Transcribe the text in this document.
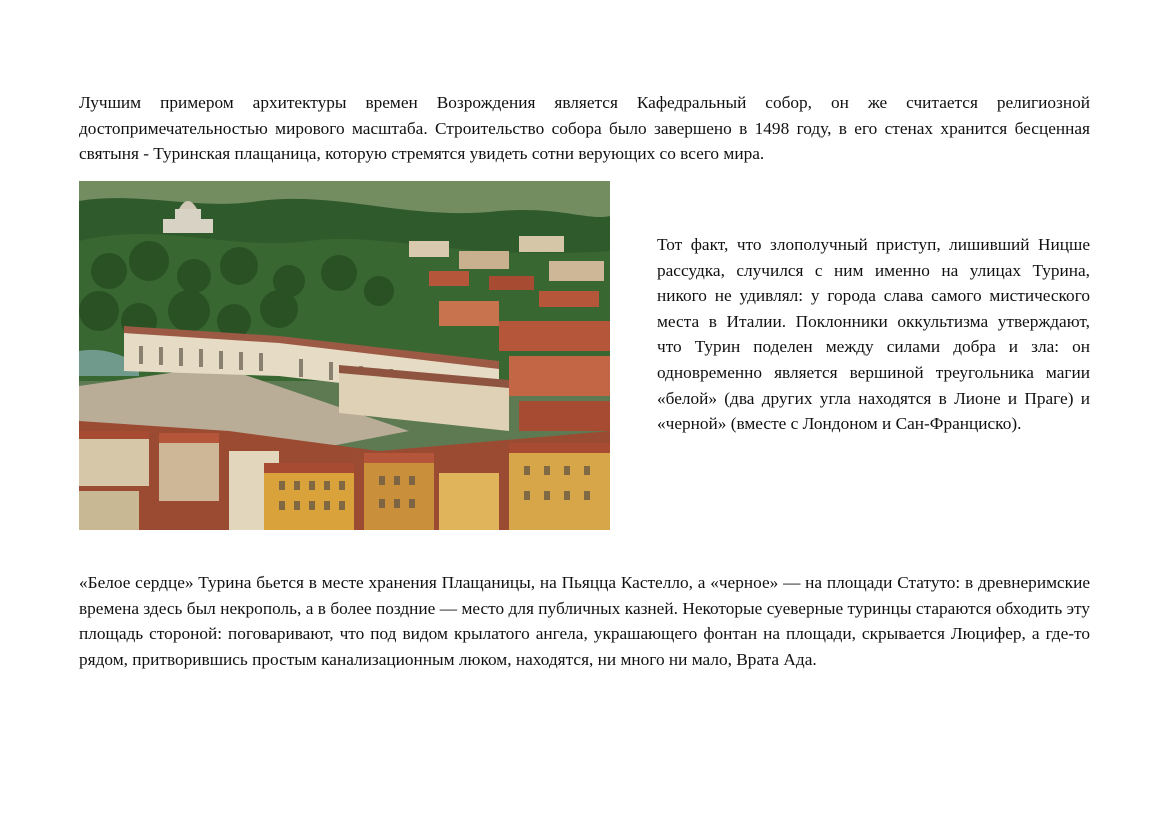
Лучшим примером архитектуры времен Возрождения является Кафедральный собор, он же считается религиозной достопримечательностью мирового масштаба. Строительство собора было завершено в 1498 году, в его стенах хранится бесценная святыня - Туринская плащаница, которую стремятся увидеть сотни верующих со всего мира.

Тот факт, что злополучный приступ, лишивший Ницше рассудка, случился с ним именно на улицах Турина, никого не удивлял: у города слава самого мистического места в Италии. Поклонники оккультизма утверждают, что Турин поделен между силами добра и зла: он одновременно является вершиной треугольника магии «белой» (два других угла находятся в Лионе и Праге) и «черной» (вместе с Лондоном и Сан-Франциско).

«Белое сердце» Турина бьется в месте хранения Плащаницы, на Пьяцца Кастелло, а «черное» — на площади Статуто: в древнеримские времена здесь был некрополь, а в более поздние — место для публичных казней. Некоторые суеверные туринцы стараются обходить эту площадь стороной: поговаривают, что под видом крылатого ангела, украшающего фонтан на площади, скрывается Люцифер, а где-то рядом, притворившись простым канализационным люком, находятся, ни много ни мало, Врата Ада.
